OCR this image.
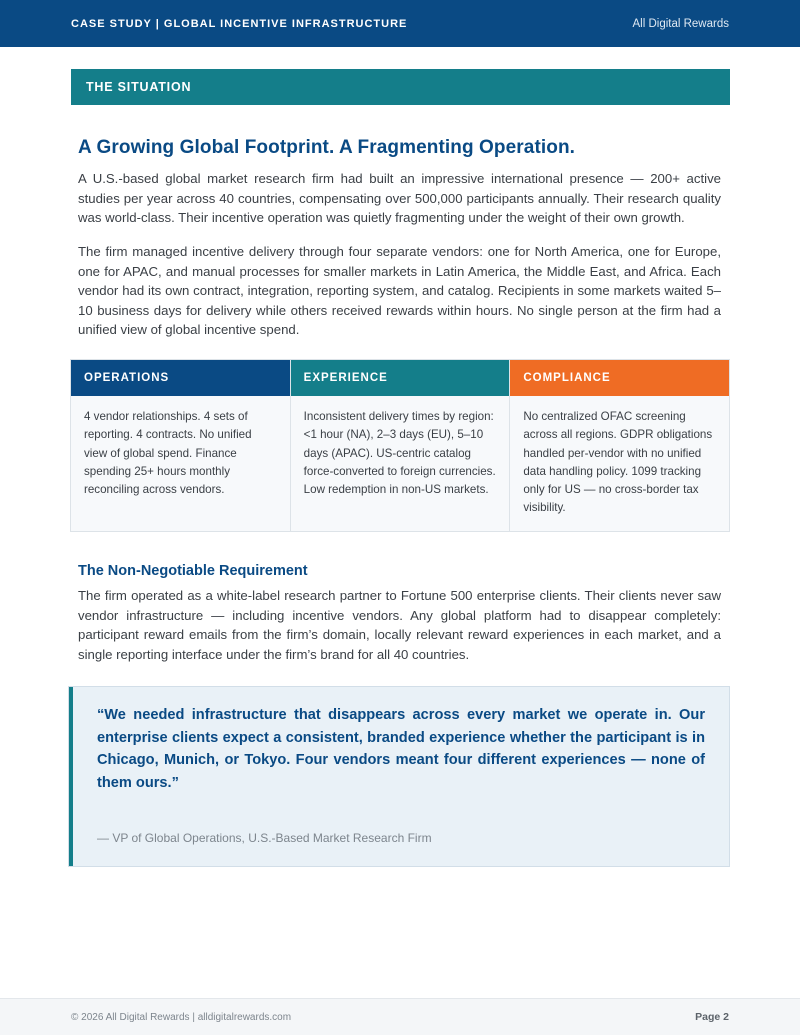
CASE STUDY | GLOBAL INCENTIVE INFRASTRUCTURE	All Digital Rewards
THE SITUATION
A Growing Global Footprint. A Fragmenting Operation.

A U.S.-based global market research firm had built an impressive international presence — 200+ active studies per year across 40 countries, compensating over 500,000 participants annually. Their research quality was world-class. Their incentive operation was quietly fragmenting under the weight of their own growth.

The firm managed incentive delivery through four separate vendors: one for North America, one for Europe, one for APAC, and manual processes for smaller markets in Latin America, the Middle East, and Africa. Each vendor had its own contract, integration, reporting system, and catalog. Recipients in some markets waited 5–10 business days for delivery while others received rewards within hours. No single person at the firm had a unified view of global incentive spend.

OPERATIONS
4 vendor relationships. 4 sets of reporting. 4 contracts. No unified view of global spend. Finance spending 25+ hours monthly reconciling across vendors.
EXPERIENCE
Inconsistent delivery times by region: <1 hour (NA), 2–3 days (EU), 5–10 days (APAC). US-centric catalog force-converted to foreign currencies. Low redemption in non-US markets.
COMPLIANCE
No centralized OFAC screening across all regions. GDPR obligations handled per-vendor with no unified data handling policy. 1099 tracking only for US — no cross-border tax visibility.
The Non-Negotiable Requirement

The firm operated as a white-label research partner to Fortune 500 enterprise clients. Their clients never saw vendor infrastructure — including incentive vendors. Any global platform had to disappear completely: participant reward emails from the firm’s domain, locally relevant reward experiences in each market, and a single reporting interface under the firm’s brand for all 40 countries.

“We needed infrastructure that disappears across every market we operate in. Our enterprise clients expect a consistent, branded experience whether the participant is in Chicago, Munich, or Tokyo. Four vendors meant four different experiences — none of them ours.”

— VP of Global Operations, U.S.-Based Market Research Firm

© 2026 All Digital Rewards | alldigitalrewards.com	Page 2
